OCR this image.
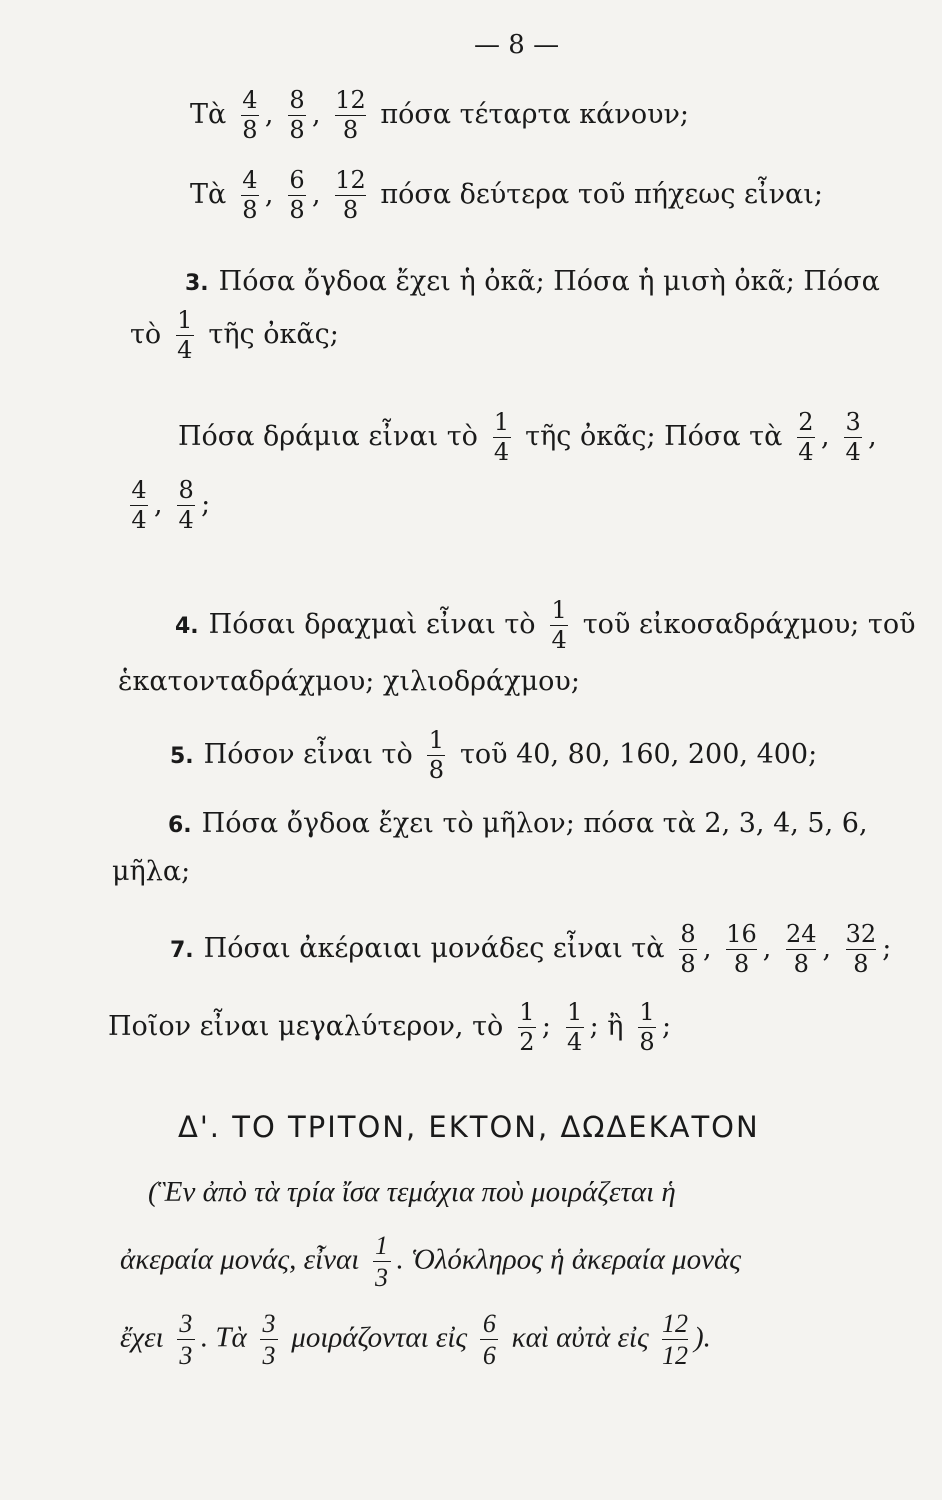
— 8 —
Τὰ $\frac{4}{8}$ , $\frac{8}{8}$ , $\frac{12}{8}$ πόσα τέταρτα κάνουν;
Τὰ $\frac{4}{8}$ , $\frac{6}{8}$ , $\frac{12}{8}$ πόσα δεύτερα τοῦ πήχεως εἶναι;
3. Πόσα ὄγδοα ἔχει ἡ ὀκᾶ; Πόσα ἡ μισὴ ὀκᾶ; Πόσα
τὸ $\frac{1}{4}$ τῆς ὀκᾶς;
Πόσα δράμια εἶναι τὸ $\frac{1}{4}$ τῆς ὀκᾶς; Πόσα τὰ $\frac{2}{4}$ , $\frac{3}{4}$ ,
$\frac{4}{4}$ , $\frac{8}{4}$ ;
4. Πόσαι δραχμαὶ εἶναι τὸ $\frac{1}{4}$ τοῦ εἰκοσαδράχμου; τοῦ
ἑκατονταδράχμου; χιλιοδράχμου;
5. Πόσον εἶναι τὸ $\frac{1}{8}$ τοῦ 40, 80, 160, 200, 400;
6. Πόσα ὄγδοα ἔχει τὸ μῆλον; πόσα τὰ 2, 3, 4, 5, 6,
μῆλα;
7. Πόσαι ἀκέραιαι μονάδες εἶναι τὰ $\frac{8}{8}$ , $\frac{16}{8}$ , $\frac{24}{8}$ , $\frac{32}{8}$ ;
Ποῖον εἶναι μεγαλύτερον, τὸ $\frac{1}{2}$ ; $\frac{1}{4}$ ; ἢ $\frac{1}{8}$ ;
Δ'. ΤΟ ΤΡΙΤΟΝ, ΕΚΤΟΝ, ΔΩΔΕΚΑΤΟΝ
(Ἓν ἀπὸ τὰ τρία ἴσα τεμάχια ποὺ μοιράζεται ἡ
ἀκεραία μονάς, εἶναι $\frac{1}{3}$ . Ὁλόκληρος ἡ ἀκεραία μονὰς
ἔχει $\frac{3}{3}$ . Τὰ $\frac{3}{3}$ μοιράζονται εἰς $\frac{6}{6}$ καὶ αὐτὰ εἰς $\frac{12}{12}$ ).
